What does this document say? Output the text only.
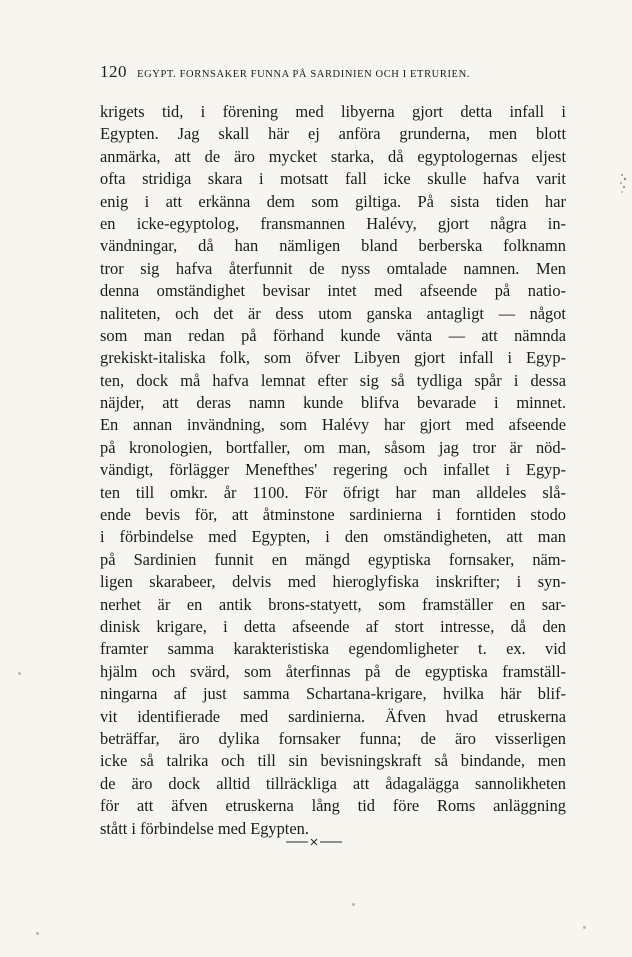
120 EGYPT. FORNSAKER FUNNA PÅ SARDINIEN OCH I ETRURIEN.
krigets tid, i förening med libyerna gjort detta infall i
Egypten. Jag skall här ej anföra grunderna, men blott
anmärka, att de äro mycket starka, då egyptologernas eljest
ofta stridiga skara i motsatt fall icke skulle hafva varit
enig i att erkänna dem som giltiga. På sista tiden har
en icke-egyptolog, fransmannen Halévy, gjort några in-
vändningar, då han nämligen bland berberska folknamn
tror sig hafva återfunnit de nyss omtalade namnen. Men
denna omständighet bevisar intet med afseende på natio-
naliteten, och det är dess utom ganska antagligt — något
som man redan på förhand kunde vänta — att nämnda
grekiskt-italiska folk, som öfver Libyen gjort infall i Egyp-
ten, dock må hafva lemnat efter sig så tydliga spår i dessa
näjder, att deras namn kunde blifva bevarade i minnet.
En annan invändning, som Halévy har gjort med afseende
på kronologien, bortfaller, om man, såsom jag tror är nöd-
vändigt, förlägger Menefthes' regering och infallet i Egyp-
ten till omkr. år 1100. För öfrigt har man alldeles slå-
ende bevis för, att åtminstone sardinierna i forntiden stodo
i förbindelse med Egypten, i den omständigheten, att man
på Sardinien funnit en mängd egyptiska fornsaker, näm-
ligen skarabeer, delvis med hieroglyfiska inskrifter; i syn-
nerhet är en antik brons-statyett, som framställer en sar-
dinisk krigare, i detta afseende af stort intresse, då den
framter samma karakteristiska egendomligheter t. ex. vid
hjälm och svärd, som återfinnas på de egyptiska framställ-
ningarna af just samma Schartana-krigare, hvilka här blif-
vit identifierade med sardinierna. Äfven hvad etruskerna
beträffar, äro dylika fornsaker funna; de äro visserligen
icke så talrika och till sin bevisningskraft så bindande, men
de äro dock alltid tillräckliga att ådagalägga sannolikheten
för att äfven etruskerna lång tid före Roms anläggning
stått i förbindelse med Egypten.
